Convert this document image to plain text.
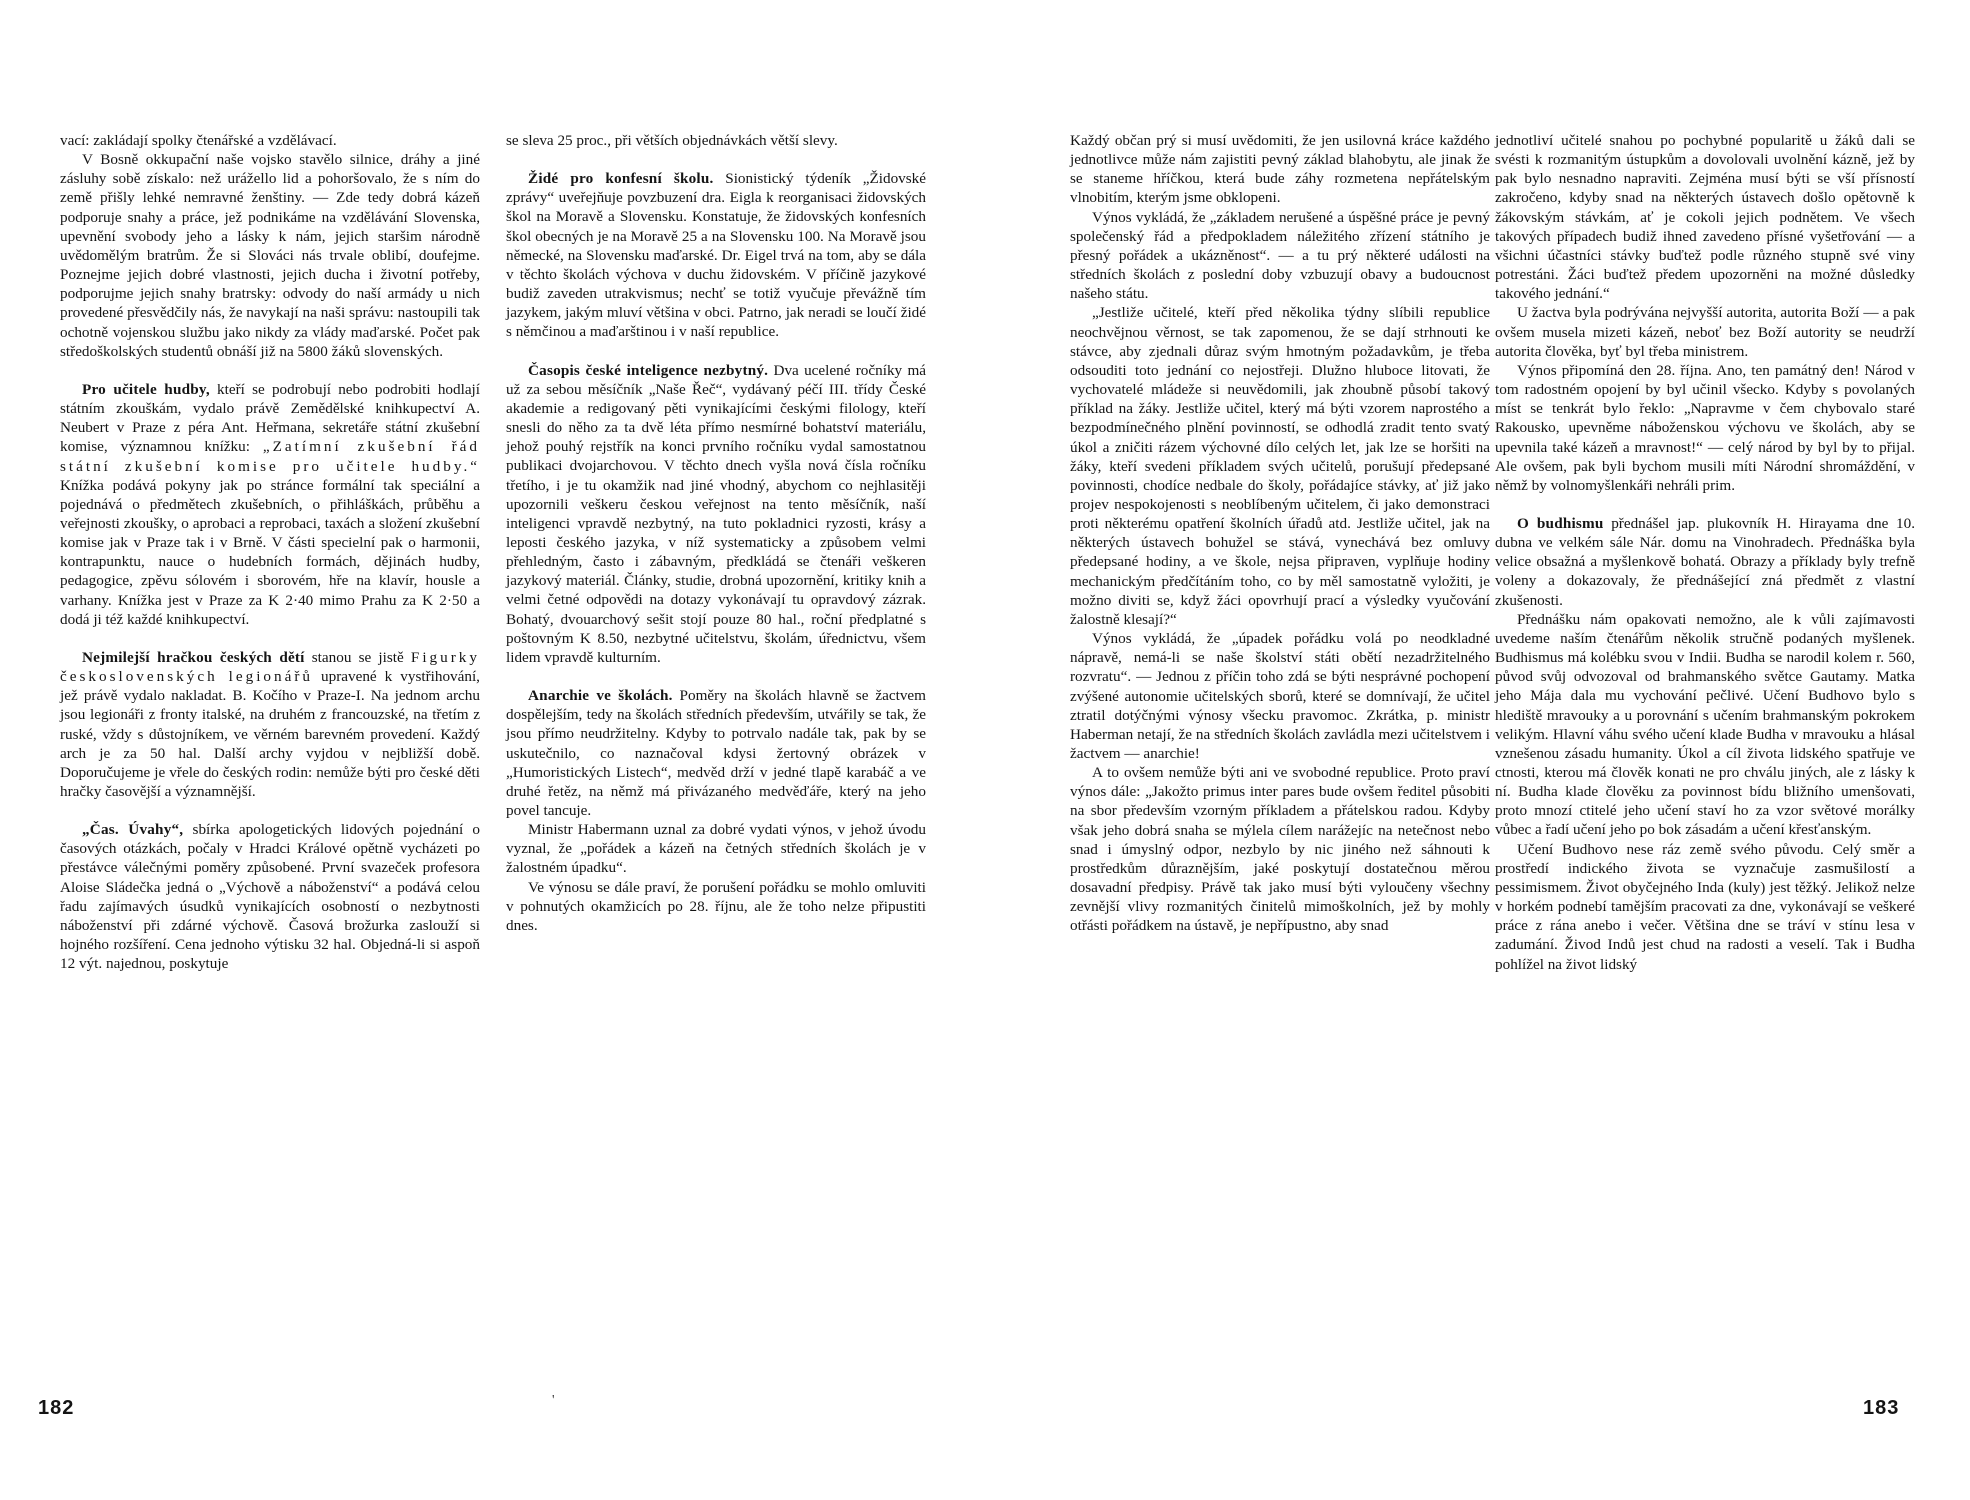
vací: zakládají spolky čtenářské a vzdělávací.

V Bosně okkupační naše vojsko stavělo silnice, dráhy a jiné zásluhy sobě získalo: než urážello lid a pohoršovalo, že s ním do země přišly lehké nemravné ženštiny. — Zde tedy dobrá kázeň podporuje snahy a práce, jež podnikáme na vzdělávání Slovenska, upevnění svobody jeho a lásky k nám, jejich staršim národně uvědomělým bratrům. Že si Slováci nás trvale oblibí, doufejme. Poznejme jejich dobré vlastnosti, jejich ducha i životní potřeby, podporujme jejich snahy bratrsky: odvody do naší armády u nich provedené přesvědčily nás, že navykají na naši správu: nastoupili tak ochotně vojenskou službu jako nikdy za vlády maďarské. Počet pak středoškolských studentů obnáší již na 5800 žáků slovenských.

Pro učitele hudby, kteří se podrobují nebo podrobiti hodlají státním zkouškám, vydalo právě Zemědělské knihkupectví A. Neubert v Praze z péra Ant. Heřmana, sekretáře státní zkušební komise, významnou knížku: „Zatímní zkušební řád státní zkušební komise pro učitele hudby.“ Knížka podává pokyny jak po stránce formální tak speciální a pojednává o předmětech zkušebních, o přihláškách, průběhu a veřejnosti zkoušky, o aprobaci a reprobaci, taxách a složení zkušební komise jak v Praze tak i v Brně. V části specielní pak o harmonii, kontrapunktu, nauce o hudebních formách, dějinách hudby, pedagogice, zpěvu sólovém i sborovém, hře na klavír, housle a varhany. Knížka jest v Praze za K 2·40 mimo Prahu za K 2·50 a dodá ji též každé knihkupectví.

Nejmilejší hračkou českých dětí stanou se jistě Figurky československých legionářů upravené k vystřihování, jež právě vydalo nakladat. B. Kočího v Praze-I. Na jednom archu jsou legionáři z fronty italské, na druhém z francouzské, na třetím z ruské, vždy s důstojníkem, ve věrném barevném provedení. Každý arch je za 50 hal. Další archy vyjdou v nejbližší době. Doporučujeme je vřele do českých rodin: nemůže býti pro české děti hračky časovější a významnější.

„Čas. Úvahy“, sbírka apologetických lidových pojednání o časových otázkách, počaly v Hradci Králové opětně vycházeti po přestávce válečnými poměry způsobené. První svazeček profesora Aloise Sládečka jedná o „Výchově a náboženství“ a podává celou řadu zajímavých úsudků vynikajících osobností o nezbytnosti náboženství při zdárné výchově. Časová brožurka zaslouží si hojného rozšíření. Cena jednoho výtisku 32 hal. Objedná-li si aspoň 12 výt. najednou, poskytuje

se sleva 25 proc., při větších objednávkách větší slevy.

Židé pro konfesní školu. Sionistický týdeník „Židovské zprávy“ uveřejňuje povzbuzení dra. Eigla k reorganisaci židovských škol na Moravě a Slovensku. Konstatuje, že židovských konfesních škol obecných je na Moravě 25 a na Slovensku 100. Na Moravě jsou německé, na Slovensku maďarské. Dr. Eigel trvá na tom, aby se dála v těchto školách výchova v duchu židovském. V příčině jazykové budiž zaveden utrakvismus; nechť se totiž vyučuje převážně tím jazykem, jakým mluví většina v obci. Patrno, jak neradi se loučí židé s němčinou a maďarštinou i v naší republice.

Časopis české inteligence nezbytný. Dva ucelené ročníky má už za sebou měsíčník „Naše Řeč“, vydávaný péčí III. třídy České akademie a redigovaný pěti vynikajícími českými filology, kteří snesli do něho za ta dvě léta přímo nesmírné bohatství materiálu, jehož pouhý rejstřík na konci prvního ročníku vydal samostatnou publikaci dvojarchovou. V těchto dnech vyšla nová čísla ročníku třetího, i je tu okamžik nad jiné vhodný, abychom co nejhlasitěji upozornili veškeru českou veřejnost na tento měsíčník, naší inteligenci vpravdě nezbytný, na tuto pokladnici ryzosti, krásy a leposti českého jazyka, v níž systematicky a způsobem velmi přehledným, často i zábavným, předkládá se čtenáři veškeren jazykový materiál. Články, studie, drobná upozornění, kritiky knih a velmi četné odpovědi na dotazy vykonávají tu opravdový zázrak. Bohatý, dvouarchový sešit stojí pouze 80 hal., roční předplatné s poštovným K 8.50, nezbytné učitelstvu, školám, úřednictvu, všem lidem vpravdě kulturním.

Anarchie ve školách. Poměry na školách hlavně se žactvem dospělejším, tedy na školách středních především, utvářily se tak, že jsou přímo neudržitelny. Kdyby to potrvalo nadále tak, pak by se uskutečnilo, co naznačoval kdysi žertovný obrázek v „Humoristických Listech“, medvěd drží v jedné tlapě karabáč a ve druhé řetěz, na němž má přivázaného medvěďáře, který na jeho povel tancuje.

Ministr Habermann uznal za dobré vydati výnos, v jehož úvodu vyznal, že „pořádek a kázeň na četných středních školách je v žalostném úpadku“.

Ve výnosu se dále praví, že porušení pořádku se mohlo omluviti v pohnutých okamžicích po 28. říjnu, ale že toho nelze připustiti dnes.

182	'

Každý občan prý si musí uvědomiti, že jen usilovná kráce každého jednotlivce může nám zajistiti pevný základ blahobytu, ale jinak že se staneme hříčkou, která bude záhy rozmetena nepřátelským vlnobitím, kterým jsme obklopeni.

Výnos vykládá, že „základem nerušené a úspěšné práce je pevný společenský řád a předpokladem náležitého zřízení státního je přesný pořádek a ukázněnost“. — a tu prý některé události na středních školách z poslední doby vzbuzují obavy a budoucnost našeho státu.

„Jestliže učitelé, kteří před několika týdny slíbili republice neochvějnou věrnost, se tak zapomenou, že se dají strhnouti ke stávce, aby zjednali důraz svým hmotným požadavkům, je třeba odsouditi toto jednání co nejostřeji. Dlužno hluboce litovati, že vychovatelé mládeže si neuvědomili, jak zhoubně působí takový příklad na žáky. Jestliže učitel, který má býti vzorem naprostého a bezpodmínečného plnění povinností, se odhodlá zradit tento svatý úkol a zničiti rázem výchovné dílo celých let, jak lze se horšiti na žáky, kteří svedeni příkladem svých učitelů, porušují předepsané povinnosti, chodíce nedbale do školy, pořádajíce stávky, ať již jako projev nespokojenosti s neoblíbeným učitelem, či jako demonstraci proti některému opatření školních úřadů atd. Jestliže učitel, jak na některých ústavech bohužel se stává, vynechává bez omluvy předepsané hodiny, a ve škole, nejsa připraven, vyplňuje hodiny mechanickým předčítáním toho, co by měl samostatně vyložiti, je možno diviti se, když žáci opovrhují prací a výsledky vyučování žalostně klesají?“

Výnos vykládá, že „úpadek pořádku volá po neodkladné nápravě, nemá-li se naše školství státi obětí nezadržitelného rozvratu“. — Jednou z příčin toho zdá se býti nesprávné pochopení zvýšené autonomie učitelských sborů, které se domnívají, že učitel ztratil dotýčnými výnosy všecku pravomoc. Zkrátka, p. ministr Haberman netají, že na středních školách zavládla mezi učitelstvem i žactvem — anarchie!

A to ovšem nemůže býti ani ve svobodné republice. Proto praví výnos dále: „Jakožto primus inter pares bude ovšem ředitel působiti na sbor především vzorným příkladem a přátelskou radou. Kdyby však jeho dobrá snaha se mýlela cílem narážejíc na netečnost nebo snad i úmyslný odpor, nezbylo by nic jiného než sáhnouti k prostředkům důraznějším, jaké poskytují dostatečnou měrou dosavadní předpisy. Právě tak jako musí býti vyloučeny všechny zevnější vlivy rozmanitých činitelů mimoškolních, jež by mohly otřásti pořádkem na ústavě, je nepřípustno, aby snad

jednotliví učitelé snahou po pochybné popularitě u žáků dali se svésti k rozmanitým ústupkům a dovolovali uvolnění kázně, jež by pak bylo nesnadno napraviti. Zejména musí býti se vší přísností zakročeno, kdyby snad na některých ústavech došlo opětovně k žákovským stávkám, ať je cokoli jejich podnětem. Ve všech takových případech budiž ihned zavedeno přísné vyšetřování — a všichni účastníci stávky buďtež podle různého stupně své viny potrestáni. Žáci buďtež předem upozorněni na možné důsledky takového jednání.“

U žactva byla podrývána nejvyšší autorita, autorita Boží — a pak ovšem musela mizeti kázeň, neboť bez Boží autority se neudrží autorita člověka, byť byl třeba ministrem.

Výnos připomíná den 28. října. Ano, ten památný den! Národ v tom radostném opojení by byl učinil všecko. Kdyby s povolaných míst se tenkrát bylo řeklo: „Napravme v čem chybovalo staré Rakousko, upevněme náboženskou výchovu ve školách, aby se upevnila také kázeň a mravnost!“ — celý národ by byl by to přijal. Ale ovšem, pak byli bychom musili míti Národní shromáždění, v němž by volnomyšlenkáři nehráli prim.

O budhismu přednášel jap. plukovník H. Hirayama dne 10. dubna ve velkém sále Nár. domu na Vinohradech. Přednáška byla velice obsažná a myšlenkově bohatá. Obrazy a příklady byly trefně voleny a dokazovaly, že přednášející zná předmět z vlastní zkušenosti.

Přednášku nám opakovati nemožno, ale k vůli zajímavosti uvedeme naším čtenářům několik stručně podaných myšlenek. Budhismus má kolébku svou v Indii. Budha se narodil kolem r. 560, původ svůj odvozoval od brahmanského světce Gautamy. Matka jeho Mája dala mu vychování pečlivé. Učení Budhovo bylo s hlediště mravouky a u porovnání s učením brahmanským pokrokem velikým. Hlavní váhu svého učení klade Budha v mravouku a hlásal vznešenou zásadu humanity. Úkol a cíl života lidského spatřuje ve ctnosti, kterou má člověk konati ne pro chválu jiných, ale z lásky k ní. Budha klade člověku za povinnost bídu bližního umenšovati, proto mnozí ctitelé jeho učení staví ho za vzor světové morálky vůbec a řadí učení jeho po bok zásadám a učení křesťanským.

Učení Budhovo nese ráz země svého původu. Celý směr a prostředí indického života se vyznačuje zasmušilostí a pessimismem. Život obyčejného Inda (kuly) jest těžký. Jelikož nelze v horkém podnebí tamějším pracovati za dne, vykonávají se veškeré práce z rána anebo i večer. Většina dne se tráví v stínu lesa v zadumání. Živod Indů jest chud na radosti a veselí. Tak i Budha pohlížel na život lidský

183
